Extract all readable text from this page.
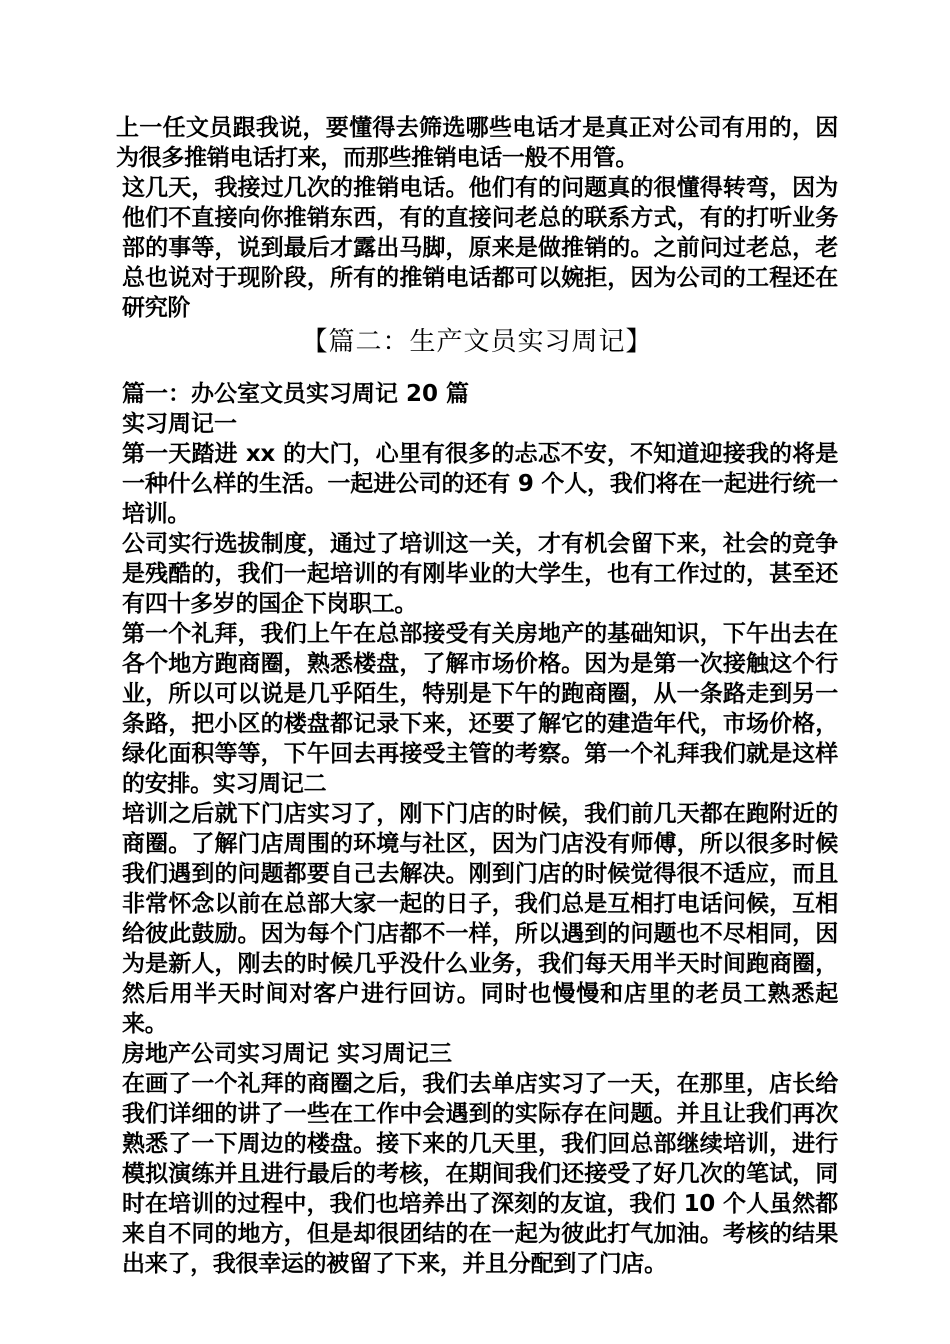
上一任文员跟我说，要懂得去筛选哪些电话才是真正对公司有用的，因为很多推销电话打来，而那些推销电话一般不用管。

这几天，我接过几次的推销电话。他们有的问题真的很懂得转弯，因为他们不直接向你推销东西，有的直接问老总的联系方式，有的打听业务部的事等，说到最后才露出马脚，原来是做推销的。之前问过老总，老总也说对于现阶段，所有的推销电话都可以婉拒，因为公司的工程还在研究阶

【篇二：生产文员实习周记】

篇一：办公室文员实习周记 20 篇

实习周记一

第一天踏进 xx 的大门，心里有很多的忐忑不安，不知道迎接我的将是一种什么样的生活。一起进公司的还有 9 个人，我们将在一起进行统一培训。

公司实行选拔制度，通过了培训这一关，才有机会留下来，社会的竞争是残酷的，我们一起培训的有刚毕业的大学生，也有工作过的，甚至还有四十多岁的国企下岗职工。

第一个礼拜，我们上午在总部接受有关房地产的基础知识，下午出去在各个地方跑商圈，熟悉楼盘，了解市场价格。因为是第一次接触这个行业，所以可以说是几乎陌生，特别是下午的跑商圈，从一条路走到另一条路，把小区的楼盘都记录下来，还要了解它的建造年代，市场价格，绿化面积等等，下午回去再接受主管的考察。第一个礼拜我们就是这样的安排。实习周记二

培训之后就下门店实习了，刚下门店的时候，我们前几天都在跑附近的商圈。了解门店周围的环境与社区，因为门店没有师傅，所以很多时候我们遇到的问题都要自己去解决。刚到门店的时候觉得很不适应，而且非常怀念以前在总部大家一起的日子，我们总是互相打电话问候，互相给彼此鼓励。因为每个门店都不一样，所以遇到的问题也不尽相同，因为是新人，刚去的时候几乎没什么业务，我们每天用半天时间跑商圈，然后用半天时间对客户进行回访。同时也慢慢和店里的老员工熟悉起来。

房地产公司实习周记 实习周记三

在画了一个礼拜的商圈之后，我们去单店实习了一天，在那里，店长给我们详细的讲了一些在工作中会遇到的实际存在问题。并且让我们再次熟悉了一下周边的楼盘。接下来的几天里，我们回总部继续培训，进行模拟演练并且进行最后的考核，在期间我们还接受了好几次的笔试，同时在培训的过程中，我们也培养出了深刻的友谊，我们 10 个人虽然都来自不同的地方，但是却很团结的在一起为彼此打气加油。考核的结果出来了，我很幸运的被留了下来，并且分配到了门店。
